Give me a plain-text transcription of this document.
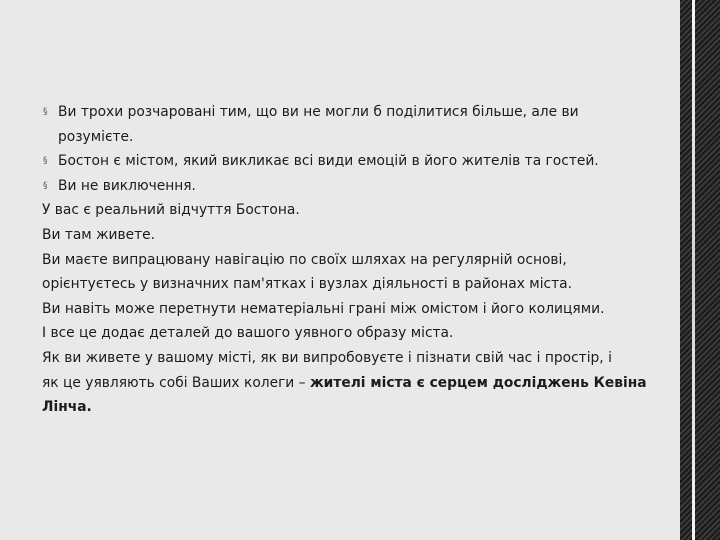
§ Ви трохи розчаровані тим, що ви не могли б поділитися більше, але ви
розумієте.
§ Бостон є містом, який викликає всі види емоцій в його жителів та гостей.
§ Ви не виключення.
У вас є реальний відчуття Бостона.
Ви там живете.
Ви маєте випрацювану навігацію по своїх шляхах на регулярній основі,
орієнтуєтесь у визначних пам'ятках і вузлах діяльності в районах міста.
Ви навіть може перетнути нематеріальні грані між омістом і його колицями.
І все це додає деталей до вашого уявного образу міста.
Як ви живете у вашому місті, як ви випробовуєте і пізнати свій час і простір, і
як це уявляють собі Ваших колеги – жителі міста є серцем досліджень Кевіна
Лінча.
